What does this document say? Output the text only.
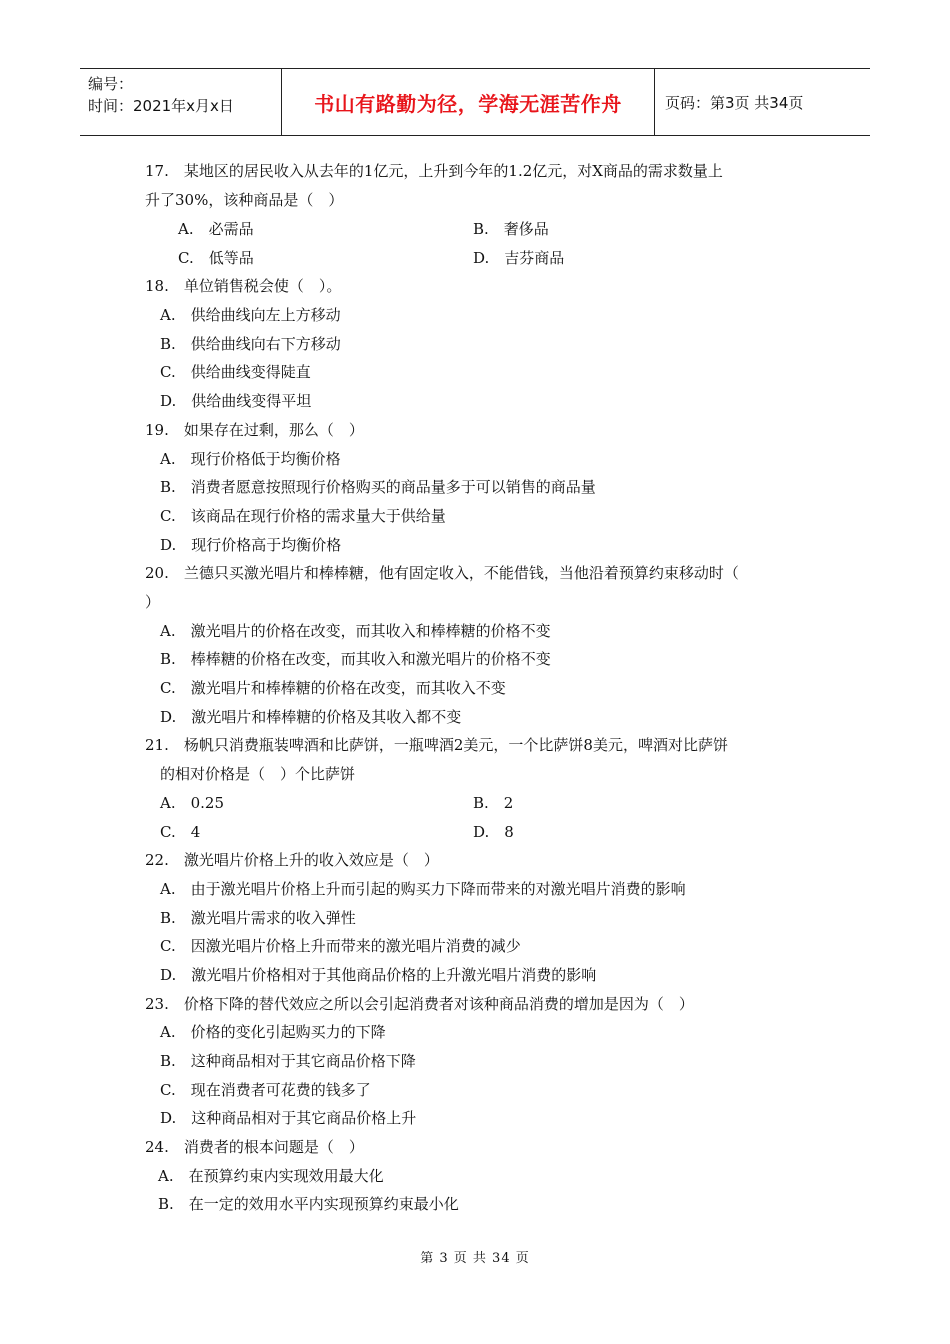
编号：
时间：2021年x月x日	书山有路勤为径，学海无涯苦作舟	页码：第3页 共34页
17.　某地区的居民收入从去年的1亿元，上升到今年的1.2亿元，对X商品的需求数量上
升了30%，该种商品是（　）
A.　必需品	B.　奢侈品
C.　低等品	D.　吉芬商品
18.　单位销售税会使（　）。
A.　供给曲线向左上方移动
B.　供给曲线向右下方移动
C.　供给曲线变得陡直
D.　供给曲线变得平坦
19.　如果存在过剩，那么（　）
A.　现行价格低于均衡价格
B.　消费者愿意按照现行价格购买的商品量多于可以销售的商品量
C.　该商品在现行价格的需求量大于供给量
D.　现行价格高于均衡价格
20.　兰德只买激光唱片和棒棒糖，他有固定收入，不能借钱，当他沿着预算约束移动时（
）
A.　激光唱片的价格在改变，而其收入和棒棒糖的价格不变
B.　棒棒糖的价格在改变，而其收入和激光唱片的价格不变
C.　激光唱片和棒棒糖的价格在改变，而其收入不变
D.　激光唱片和棒棒糖的价格及其收入都不变
21.　杨帆只消费瓶装啤酒和比萨饼，一瓶啤酒2美元，一个比萨饼8美元，啤酒对比萨饼
的相对价格是（　）个比萨饼
A.　0.25	B.　2
C.　4	D.　8
22.　激光唱片价格上升的收入效应是（　）
A.　由于激光唱片价格上升而引起的购买力下降而带来的对激光唱片消费的影响
B.　激光唱片需求的收入弹性
C.　因激光唱片价格上升而带来的激光唱片消费的减少
D.　激光唱片价格相对于其他商品价格的上升激光唱片消费的影响
23.　价格下降的替代效应之所以会引起消费者对该种商品消费的增加是因为（　）
A.　价格的变化引起购买力的下降
B.　这种商品相对于其它商品价格下降
C.　现在消费者可花费的钱多了
D.　这种商品相对于其它商品价格上升
24.　消费者的根本问题是（　）
A.　在预算约束内实现效用最大化
B.　在一定的效用水平内实现预算约束最小化
第 3 页 共 34 页
